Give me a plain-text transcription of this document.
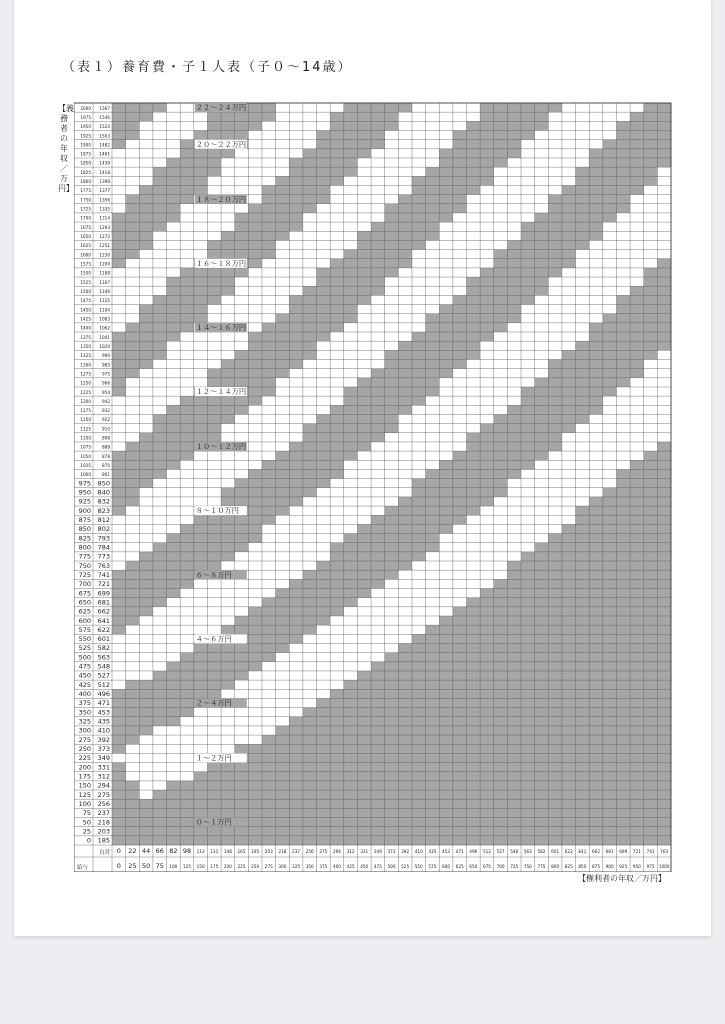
（表１）養育費・子１人表（子０～14歳）
【義務者の年収／万円】
2000 1567
1975 1546
1950 1524
1925 1503
1900 1482
1875 1461
1850 1439
1825 1418
1800 1398
1775 1377
1750 1356
1725 1335
1700 1314
1675 1293
1650 1272
1625 1251
1600 1230
1575 1209
1550 1188
1525 1167
1500 1146
1475 1125
1450 1104
1425 1083
1400 1062
1375 1041
1350 1020
1325	999
1300	985
1275	975
1250	966
1225	954
1200	942
1175	932
1150	922
1125	910
1100	898
1075	888
1050	878
1025	870
1000	861
975 850
950 840
925 832
900 823
875 812
850 802
825 793
800 784
775 773
750 763
725 741
700 721
675 699
650 681
625 662
600 641
575 622
550 601
525 582
500 563
475 548
450 527
425 512
400 496
375 471
350 453
325 435
300 410
275 392
250 373
225 349
200 331
175 312
150 294
125 275
100 256
75 237
50 218
25 203
0 185
0 22 44 66 82 98 113 131 148 165 185 203 218 237 256 275 294 312 331 349 373 392 410 435 453 471 496 512 527 548 563 582 601 622 641 662 681 699 721 741 763
0 25 50 75 100 125 150 175 200 225 250 275 300 325 350 375 400 425 450 475 500 525 550 575 600 625 650 675 700 725 750 775 800 825 850 875 900 925 950 975 1000
自営
給与
０～１万円
１～２万円
２～４万円
４～６万円
６～８万円
８～１０万円
１０～１２万円
１２～１４万円
１４～１６万円
１６～１８万円
１８～２０万円
２０～２２万円
２２～２４万円
【権利者の年収／万円】
